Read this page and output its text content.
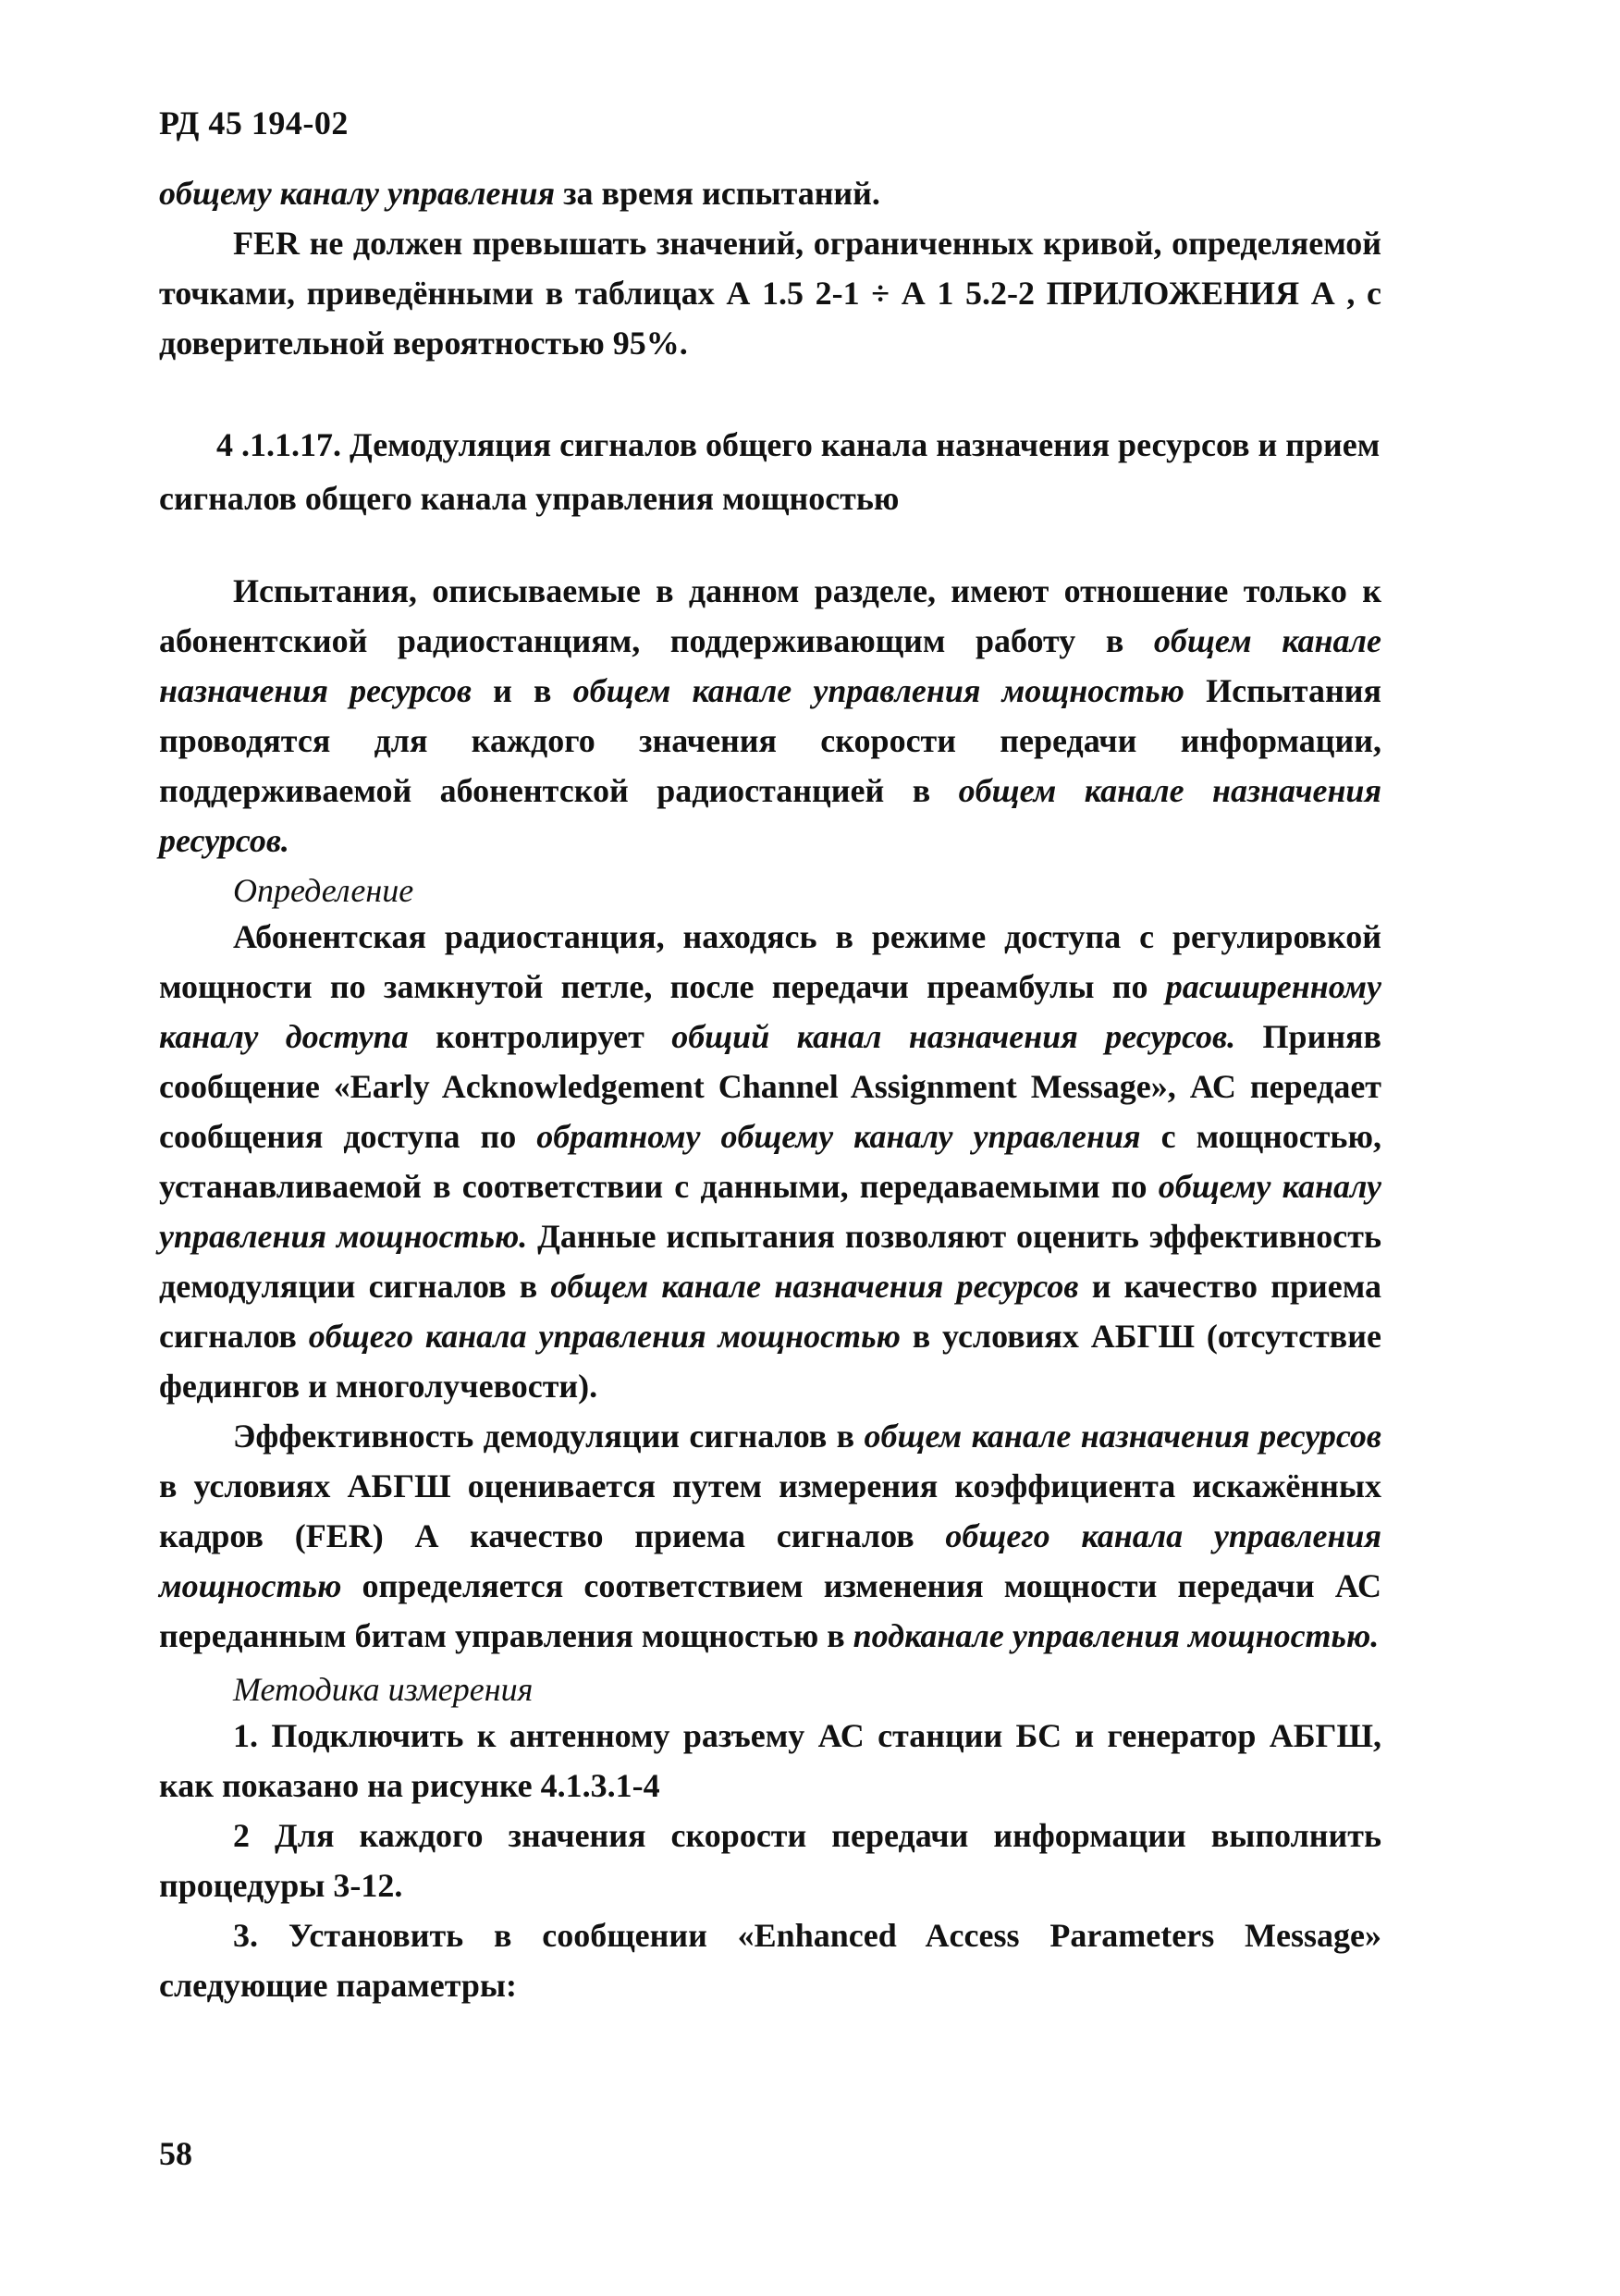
РД 45 194-02

общему каналу управления за время испытаний.

FER не должен превышать значений, ограниченных кривой, определяемой точками, приведёнными в таблицах А 1.5 2-1 ÷ А 1 5.2-2 ПРИЛОЖЕНИЯ А , с доверительной вероятностью 95%.

4 .1.1.17. Демодуляция сигналов общего канала назначения ресурсов и прием
сигналов общего канала управления мощностью

Испытания, описываемые в данном разделе, имеют отношение только к абонентскиой радиостанциям, поддерживающим работу в общем канале назначения ресурсов и в общем канале управления мощностью Испытания проводятся для каждого значения скорости передачи информации, поддерживаемой абонентской радиостанцией в общем канале назначения ресурсов.

Определение

Абонентская радиостанция, находясь в режиме доступа с регулировкой мощности по замкнутой петле, после передачи преамбулы по расширенному каналу доступа контролирует общий канал назначения ресурсов. Приняв сообщение «Early Acknowledgement Channel Assignment Message», АС передает сообщения доступа по обратному общему каналу управления с мощностью, устанавливаемой в соответствии с данными, передаваемыми по общему каналу управления мощностью. Данные испытания позволяют оценить эффективность демодуляции сигналов в общем канале назначения ресурсов и качество приема сигналов общего канала управления мощностью в условиях АБГШ (отсутствие федингов и многолучевости).

Эффективность демодуляции сигналов в общем канале назначения ресурсов в условиях АБГШ оценивается путем измерения коэффициента искажённых кадров (FER) А качество приема сигналов общего канала управления мощностью определяется соответствием изменения мощности передачи АС переданным битам управления мощностью в подканале управления мощностью.

Методика измерения

1. Подключить к антенному разъему АС станции БС и генератор АБГШ, как показано на рисунке 4.1.3.1-4

2 Для каждого значения скорости передачи информации выполнить процедуры 3-12.

3. Установить в сообщении «Enhanced Access Parameters Message» следующие параметры:

58
